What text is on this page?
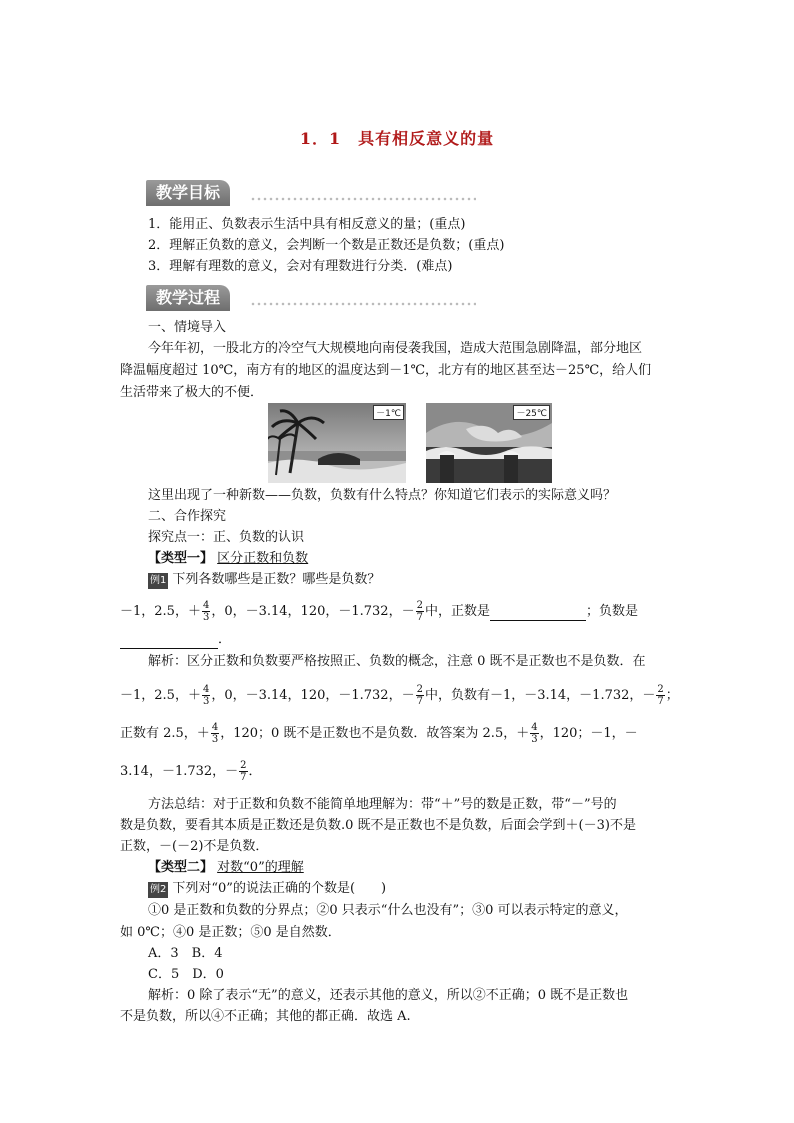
1．1　具有相反意义的量
教学目标
1．能用正、负数表示生活中具有相反意义的量；(重点)
2．理解正负数的意义，会判断一个数是正数还是负数；(重点)
3．理解有理数的意义，会对有理数进行分类．(难点)
教学过程
一、情境导入
今年年初，一股北方的冷空气大规模地向南侵袭我国，造成大范围急剧降温，部分地区
降温幅度超过 10℃，南方有的地区的温度达到－1℃，北方有的地区甚至达－25℃，给人们
生活带来了极大的不便．
－1℃	－25℃
这里出现了一种新数——负数，负数有什么特点？你知道它们表示的实际意义吗？
二、合作探究
探究点一：正、负数的认识
【类型一】 区分正数和负数
例1 下列各数哪些是正数？哪些是负数？
－1，2.5，＋ $\frac{4}{3}$ ，0，－3.14，120，－1.732，－ $\frac{2}{7}$ 中，正数是	；负数是
．
解析：区分正数和负数要严格按照正、负数的概念，注意 0 既不是正数也不是负数．在
－1，2.5，＋ $\frac{4}{3}$ ，0，－3.14，120，－1.732，－ $\frac{2}{7}$ 中，负数有－1，－3.14，－1.732，－ $\frac{2}{7}$ ；
正数有 2.5，＋ $\frac{4}{3}$ ，120；0 既不是正数也不是负数．故答案为 2.5，＋ $\frac{4}{3}$ ，120；－1，－
3.14，－1.732，－ $\frac{2}{7}$ ．
方法总结：对于正数和负数不能简单地理解为：带“＋”号的数是正数，带“－”号的
数是负数，要看其本质是正数还是负数.0 既不是正数也不是负数，后面会学到＋(－3)不是
正数，－(－2)不是负数．
【类型二】 对数“0”的理解
例2 下列对“0”的说法正确的个数是(　　)
①0 是正数和负数的分界点；②0 只表示“什么也没有”；③0 可以表示特定的意义，
如 0℃；④0 是正数；⑤0 是自然数．
A．3　B．4
C．5　D．0
解析：0 除了表示“无”的意义，还表示其他的意义，所以②不正确；0 既不是正数也
不是负数，所以④不正确；其他的都正确．故选 A.
